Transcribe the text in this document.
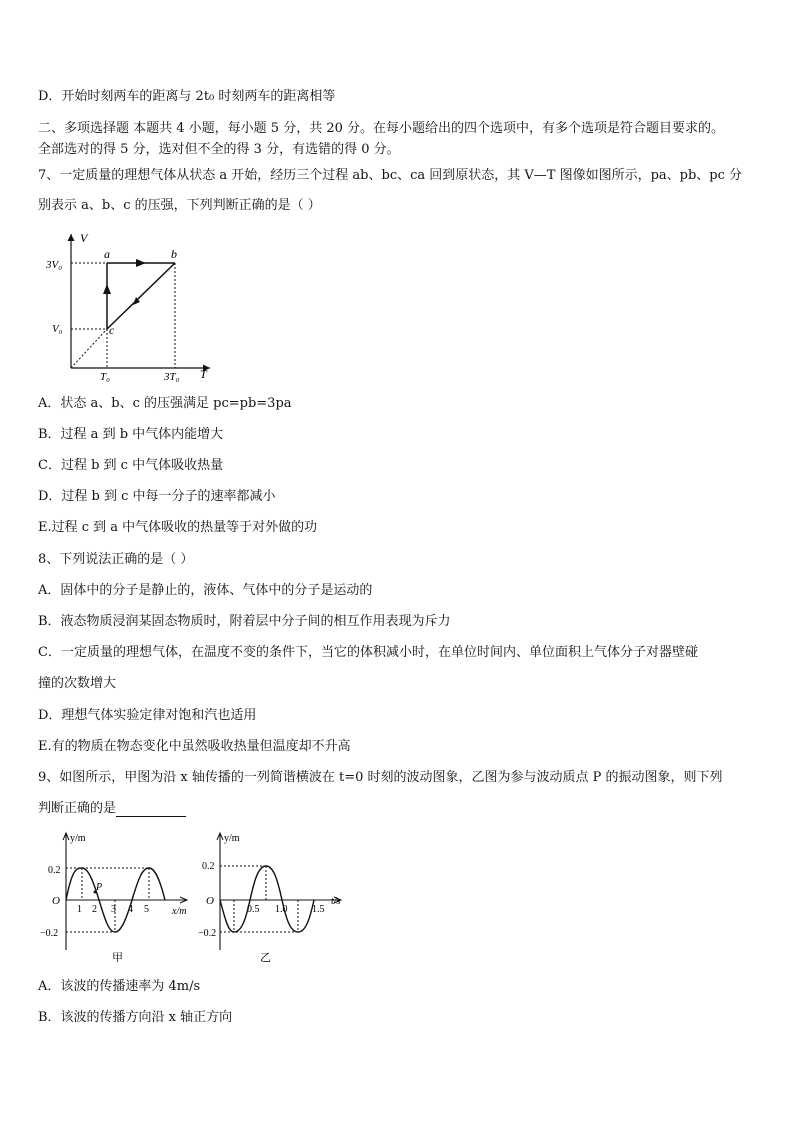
D．开始时刻两车的距离与 2t₀ 时刻两车的距离相等
二、多项选择题 本题共 4 小题，每小题 5 分，共 20 分。在每小题给出的四个选项中，有多个选项是符合题目要求的。
全部选对的得 5 分，选对但不全的得 3 分，有选错的得 0 分。
7、一定质量的理想气体从状态 a 开始，经历三个过程 ab、bc、ca 回到原状态，其 V—T 图像如图所示，pa、pb、pc 分
别表示 a、b、c 的压强，下列判断正确的是（ ）
V
T
3V₀
V₀
T₀	3T₀
a	b
c
A．状态 a、b、c 的压强满足 pc=pb=3pa
B．过程 a 到 b 中气体内能增大
C．过程 b 到 c 中气体吸收热量
D．过程 b 到 c 中每一分子的速率都减小
E.过程 c 到 a 中气体吸收的热量等于对外做的功
8、下列说法正确的是（ ）
A．固体中的分子是静止的，液体、气体中的分子是运动的
B．液态物质浸润某固态物质时，附着层中分子间的相互作用表现为斥力
C．一定质量的理想气体，在温度不变的条件下，当它的体积减小时，在单位时间内、单位面积上气体分子对器壁碰
撞的次数增大
D．理想气体实验定律对饱和汽也适用
E.有的物质在物态变化中虽然吸收热量但温度却不升高
9、如图所示，甲图为沿 x 轴传播的一列简谐横波在 t=0 时刻的波动图象，乙图为参与波动质点 P 的振动图象，则下列
判断正确的是
y/m
x/m
O
0.2
−0.2
P
1 2 3 4 5
甲
y/m
t/s
O
0.2
−0.2
0.5 1.0 1.5
乙
A．该波的传播速率为 4m/s
B．该波的传播方向沿 x 轴正方向
